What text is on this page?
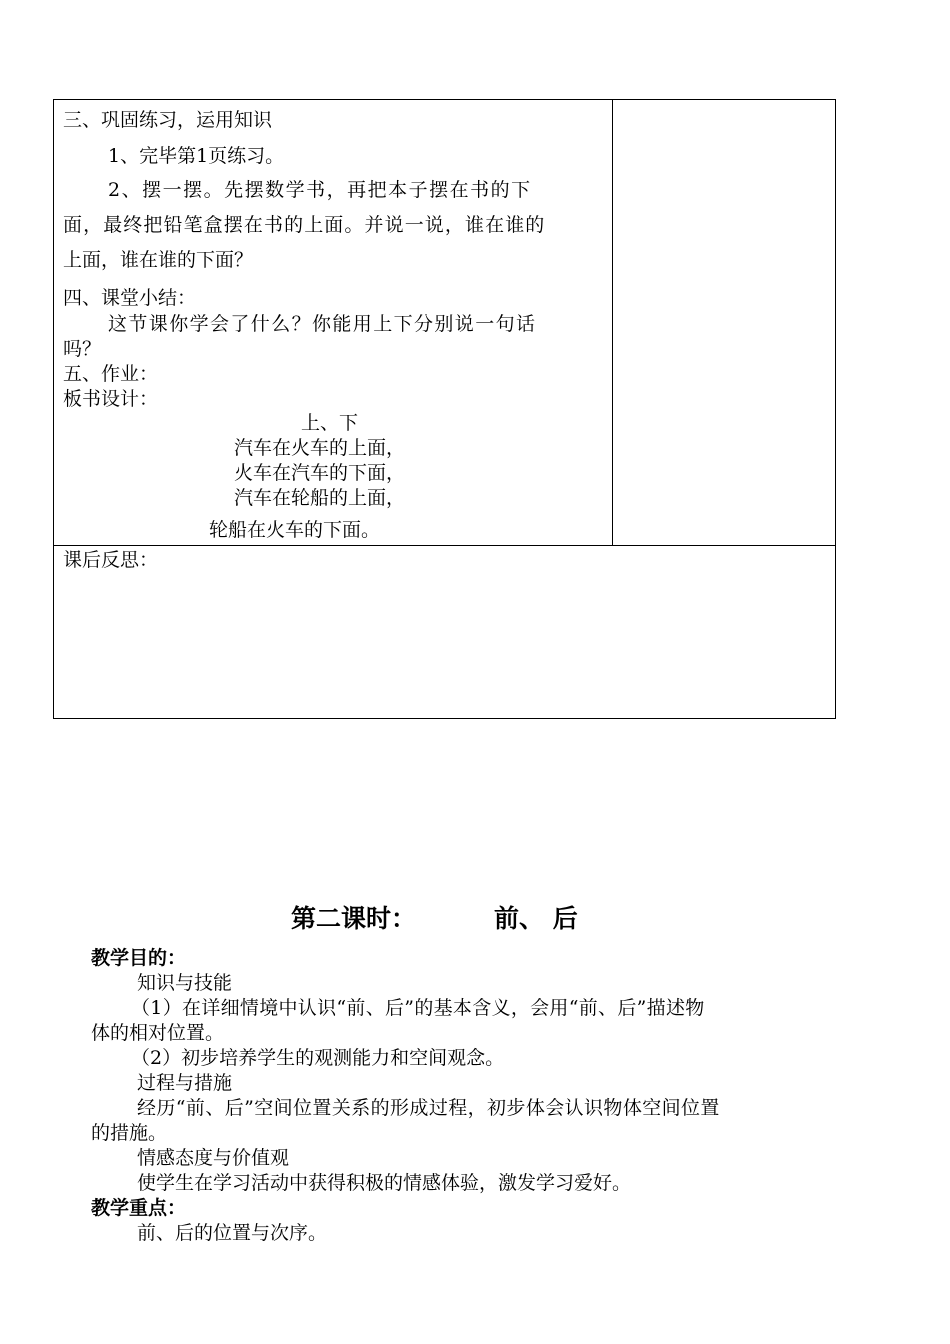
三、巩固练习，运用知识
1、完毕第1页练习。
2、摆一摆。先摆数学书，再把本子摆在书的下
面，最终把铅笔盒摆在书的上面。并说一说，谁在谁的
上面，谁在谁的下面？
四、课堂小结：
这节课你学会了什么？你能用上下分别说一句话
吗？
五、作业：
板书设计：
上、下
汽车在火车的上面，
火车在汽车的下面，
汽车在轮船的上面，
轮船在火车的下面。
课后反思：
第二课时：	前、 后
教学目的：
知识与技能
（1）在详细情境中认识“前、后”的基本含义，会用“前、后”描述物
体的相对位置。
（2）初步培养学生的观测能力和空间观念。
过程与措施
经历“前、后”空间位置关系的形成过程，初步体会认识物体空间位置
的措施。
情感态度与价值观
使学生在学习活动中获得积极的情感体验，激发学习爱好。
教学重点：
前、后的位置与次序。
